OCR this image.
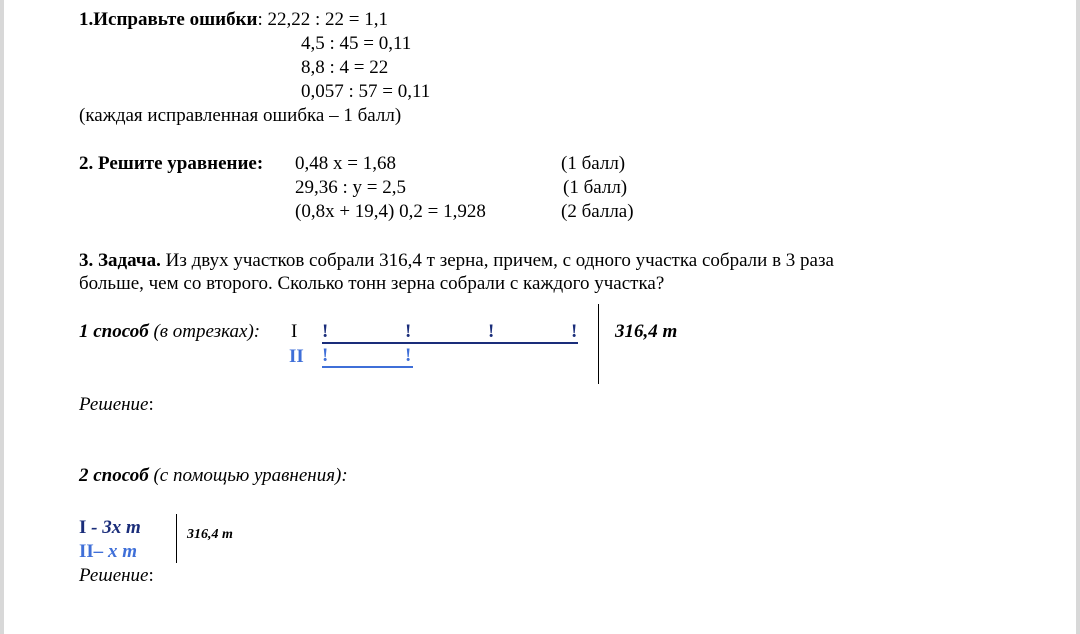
1.Исправьте ошибки: 22,22 : 22 = 1,1
4,5 : 45 = 0,11
8,8 : 4 = 22
0,057 : 57 = 0,11
(каждая исправленная ошибка – 1 балл)
2. Решите уравнение: 0,48 x = 1,68	(1 балл)
29,36 : y = 2,5	(1 балл)
(0,8x + 19,4) 0,2 = 1,928	(2 балла)
3. Задача. Из двух участков собрали 316,4 т зерна, причем, с одного участка собрали в 3 раза
больше, чем со второго. Сколько тонн зерна собрали с каждого участка?
1 способ (в отрезках): I !	!	!	!
II !	!
316,4 т
Решение:
2 способ (с помощью уравнения):
I - 3x т
II– x т
316,4 т
Решение:
